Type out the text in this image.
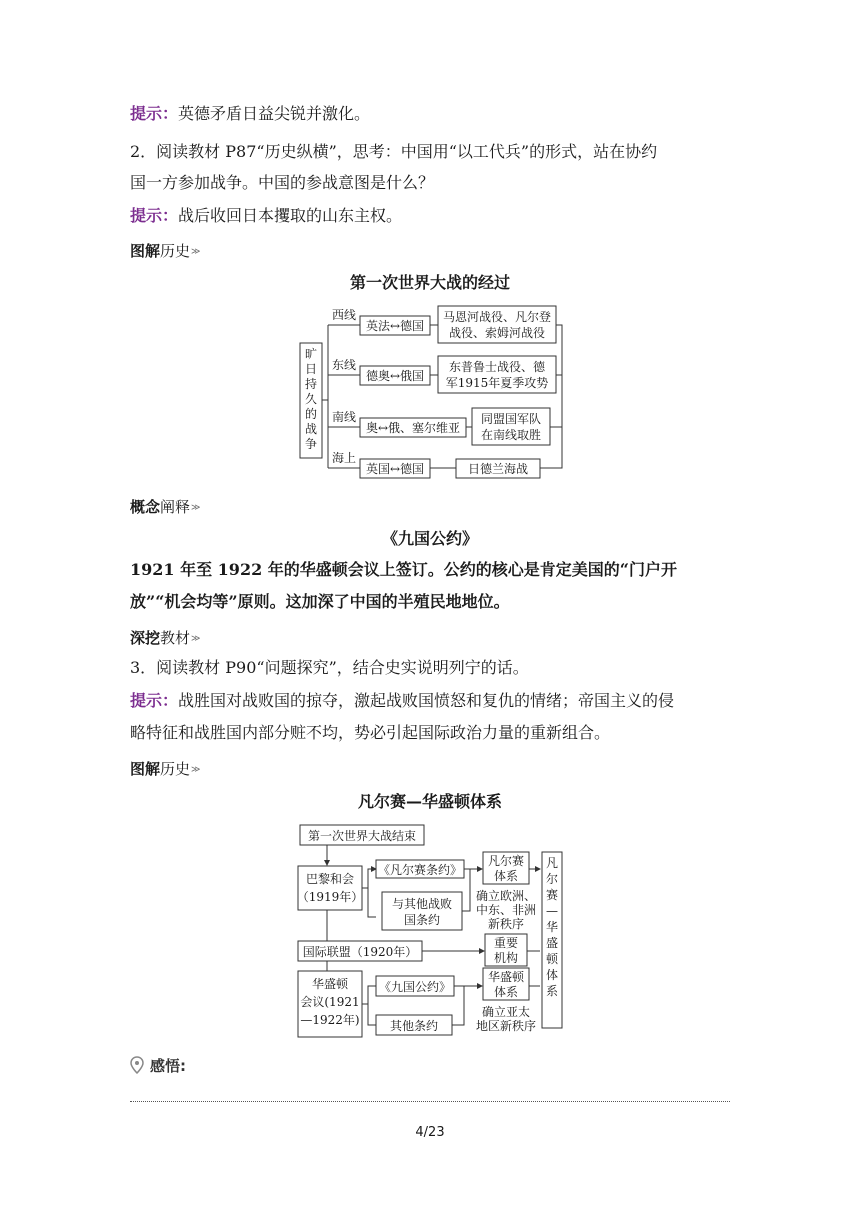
提示：英德矛盾日益尖锐并激化。
2．阅读教材 P87“历史纵横”，思考：中国用“以工代兵”的形式，站在协约
国一方参加战争。中国的参战意图是什么？
提示：战后收回日本攫取的山东主权。
图解历史≫
第一次世界大战的经过
旷
日
持
久
的
战
争
西线
东线
南线
海上
英法↔德国
德奥↔俄国
奥↔俄、塞尔维亚
英国↔德国
马恩河战役、凡尔登
战役、索姆河战役
东普鲁士战役、德
军1915年夏季攻势
同盟国军队
在南线取胜
日德兰海战
概念阐释≫
《九国公约》
1921 年至 1922 年的华盛顿会议上签订。公约的核心是肯定美国的“门户开
放”“机会均等”原则。这加深了中国的半殖民地地位。
深挖教材≫
3．阅读教材 P90“问题探究”，结合史实说明列宁的话。
提示：战胜国对战败国的掠夺，激起战败国愤怒和复仇的情绪；帝国主义的侵
略特征和战胜国内部分赃不均，势必引起国际政治力量的重新组合。
图解历史≫
凡尔赛—华盛顿体系
第一次世界大战结束
巴黎和会
（1919年）
《凡尔赛条约》
与其他战败
国条约
凡尔赛
体系
确立欧洲、
中东、非洲
新秩序
国际联盟（1920年）
重要
机构
华盛顿
会议(1921
—1922年)
《九国公约》
其他条约
华盛顿
体系
确立亚太
地区新秩序
凡
尔
赛
—
华
盛
顿
体
系
感悟:
4/23
